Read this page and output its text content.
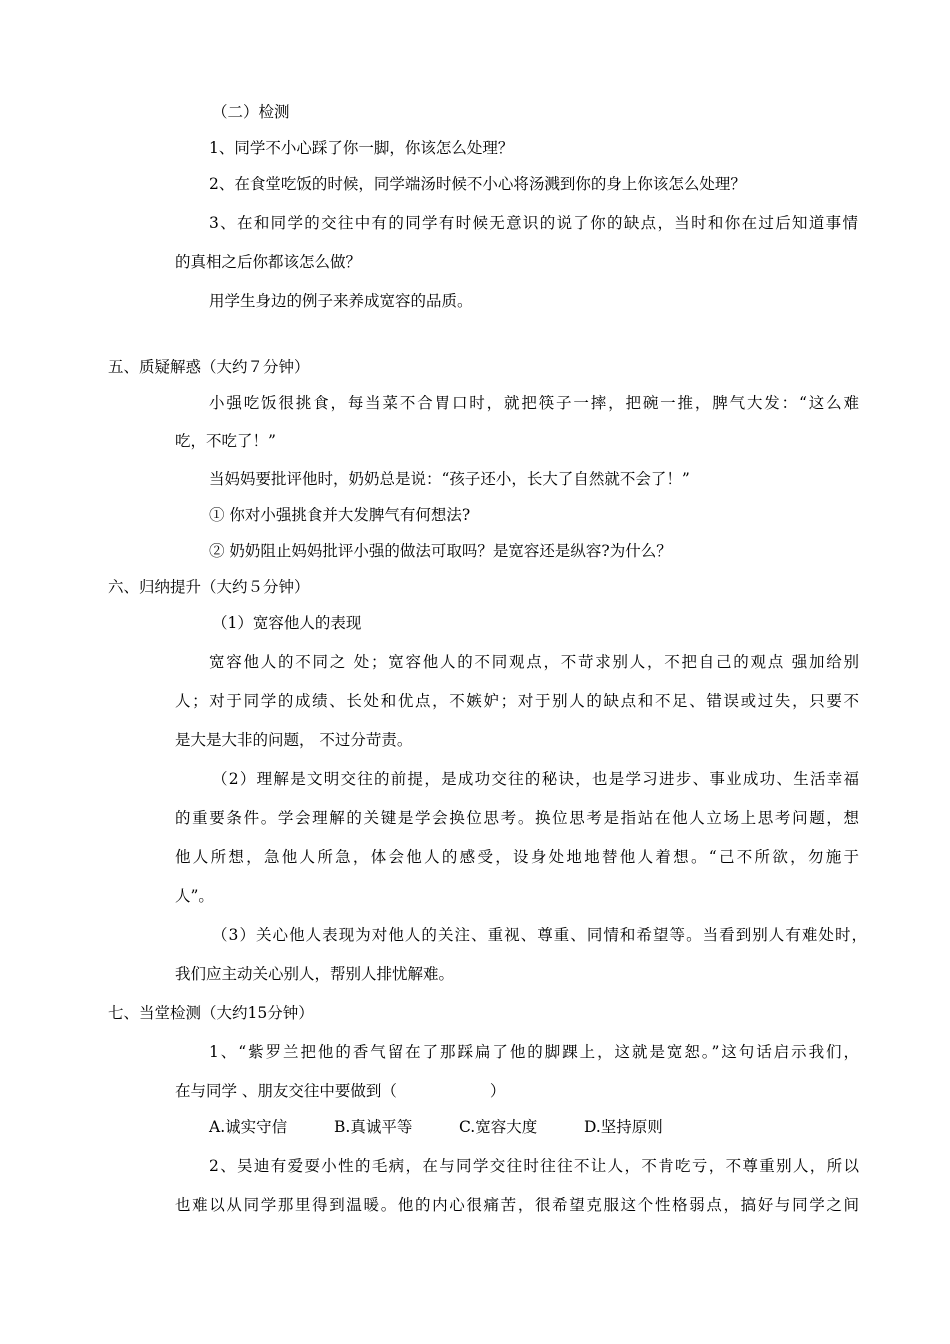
（二）检测
1、同学不小心踩了你一脚，你该怎么处理？
2、在食堂吃饭的时候，同学端汤时候不小心将汤溅到你的身上你该怎么处理？
3、在和同学的交往中有的同学有时候无意识的说了你的缺点，当时和你在过后知道事情
的真相之后你都该怎么做？
用学生身边的例子来养成宽容的品质。
五、质疑解惑（大约７分钟）
小强吃饭很挑食，每当菜不合胃口时，就把筷子一摔，把碗一推，脾气大发：“这么难
吃，不吃了！”
当妈妈要批评他时，奶奶总是说：“孩子还小，长大了自然就不会了！”
① 你对小强挑食并大发脾气有何想法?
② 奶奶阻止妈妈批评小强的做法可取吗？是宽容还是纵容?为什么？
六、归纳提升（大约５分钟）
（1）宽容他人的表现
宽容他人的不同之 处；宽容他人的不同观点，不苛求别人，不把自己的观点 强加给别
人；对于同学的成绩、长处和优点，不嫉妒；对于别人的缺点和不足、错误或过失，只要不
是大是大非的问题， 不过分苛责。
（2）理解是文明交往的前提，是成功交往的秘诀，也是学习进步、事业成功、生活幸福
的重要条件。学会理解的关键是学会换位思考。换位思考是指站在他人立场上思考问题，想
他人所想，急他人所急，体会他人的感受，设身处地地替他人着想。“己不所欲，勿施于
人”。
（3）关心他人表现为对他人的关注、重视、尊重、同情和希望等。当看到别人有难处时，
我们应主动关心别人，帮别人排忧解难。
七、当堂检测（大约15分钟）
1、“紫罗兰把他的香气留在了那踩扁了他的脚踝上，这就是宽恕。”这句话启示我们，
在与同学 、朋友交往中要做到（　　　　　　）
A.诚实守信	B.真诚平等	C.宽容大度	D.坚持原则
2、吴迪有爱耍小性的毛病，在与同学交往时往往不让人，不肯吃亏，不尊重别人，所以
也难以从同学那里得到温暖。他的内心很痛苦，很希望克服这个性格弱点，搞好与同学之间
